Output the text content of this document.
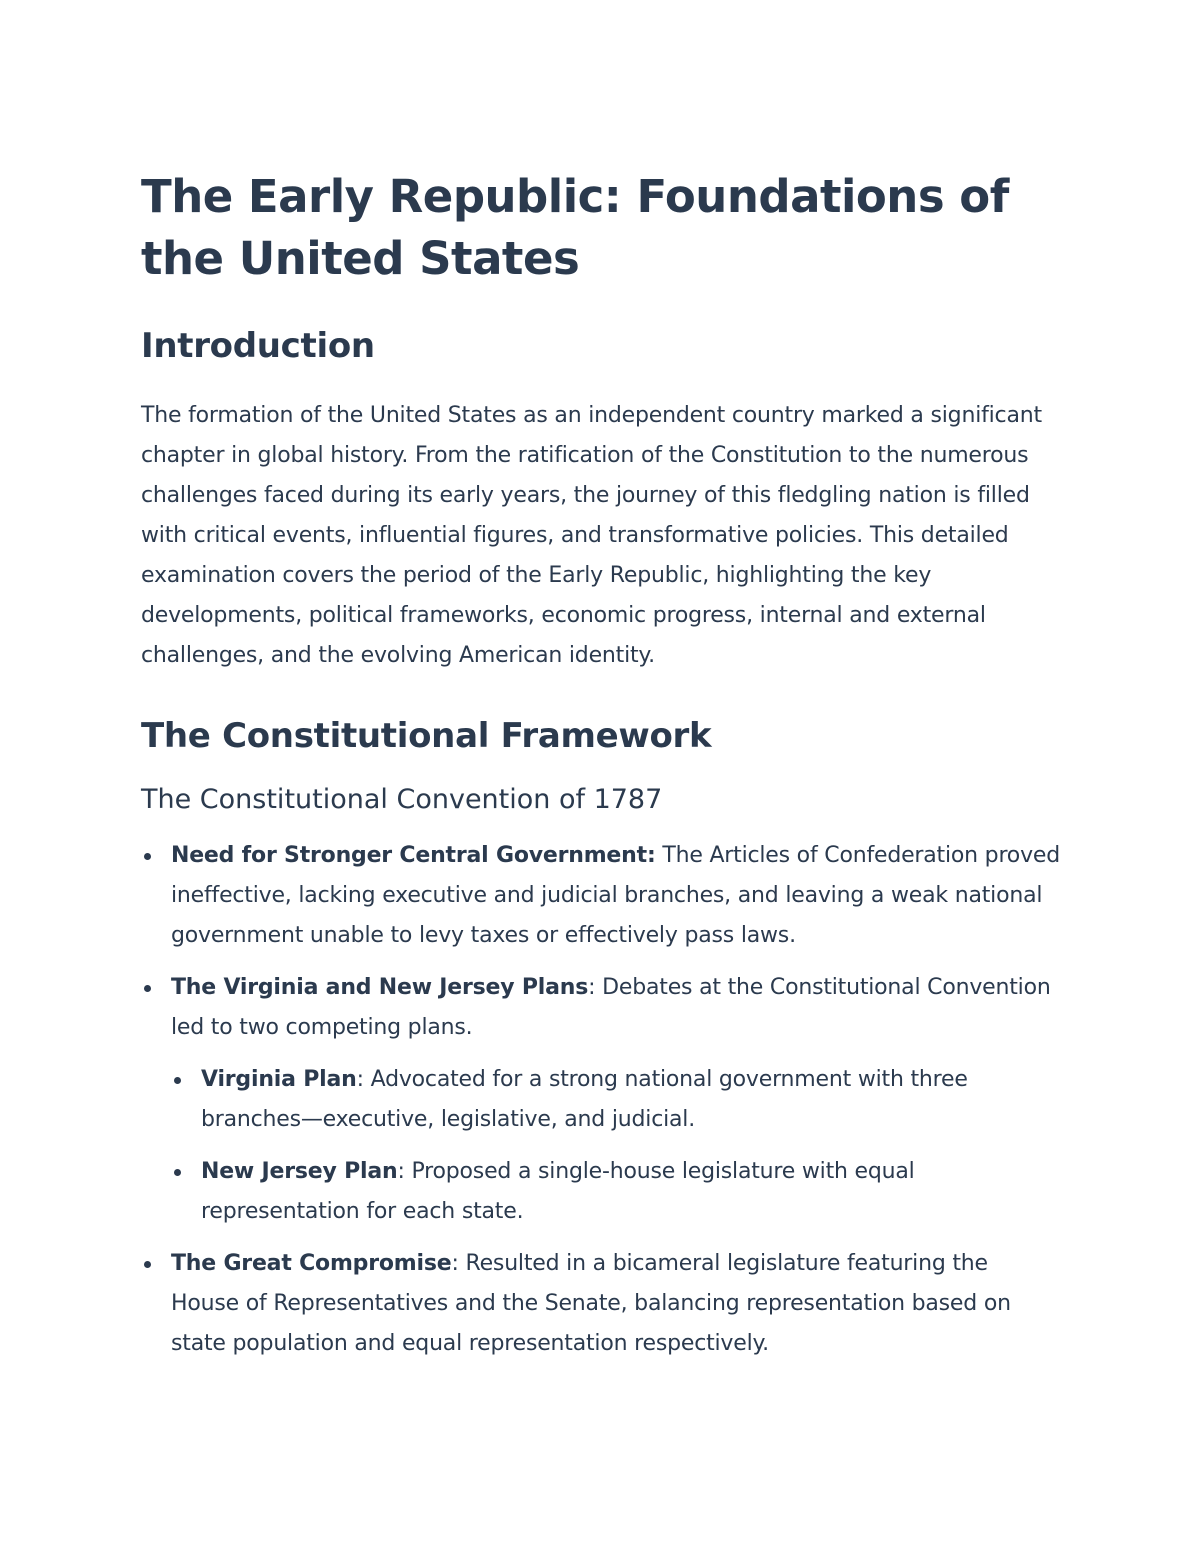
The Early Republic: Foundations of the United States
Introduction

The formation of the United States as an independent country marked a significant chapter in global history. From the ratification of the Constitution to the numerous challenges faced during its early years, the journey of this fledgling nation is filled with critical events, influential figures, and transformative policies. This detailed examination covers the period of the Early Republic, highlighting the key developments, political frameworks, economic progress, internal and external challenges, and the evolving American identity.

The Constitutional Framework
The Constitutional Convention of 1787
Need for Stronger Central Government: The Articles of Confederation proved ineffective, lacking executive and judicial branches, and leaving a weak national government unable to levy taxes or effectively pass laws.
The Virginia and New Jersey Plans: Debates at the Constitutional Convention led to two competing plans.
Virginia Plan: Advocated for a strong national government with three branches—executive, legislative, and judicial.
New Jersey Plan: Proposed a single-house legislature with equal representation for each state.
The Great Compromise: Resulted in a bicameral legislature featuring the House of Representatives and the Senate, balancing representation based on state population and equal representation respectively.
